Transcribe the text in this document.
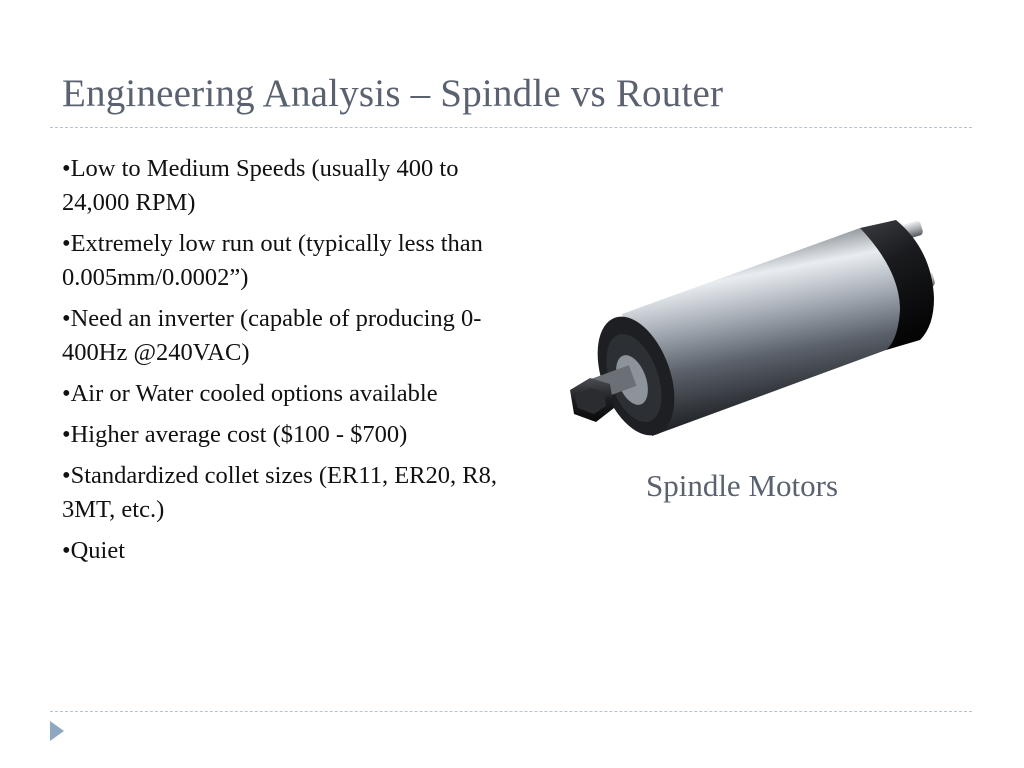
Engineering Analysis – Spindle vs Router
• Low to Medium Speeds (usually 400 to 24,000 RPM)
• Extremely low run out (typically less than 0.005mm/0.0002”)
• Need an inverter (capable of producing 0-400Hz @240VAC)
• Air or Water cooled options available
• Higher average cost ($100 - $700)
• Standardized collet sizes (ER11, ER20, R8, 3MT, etc.)
• Quiet
Spindle Motors
